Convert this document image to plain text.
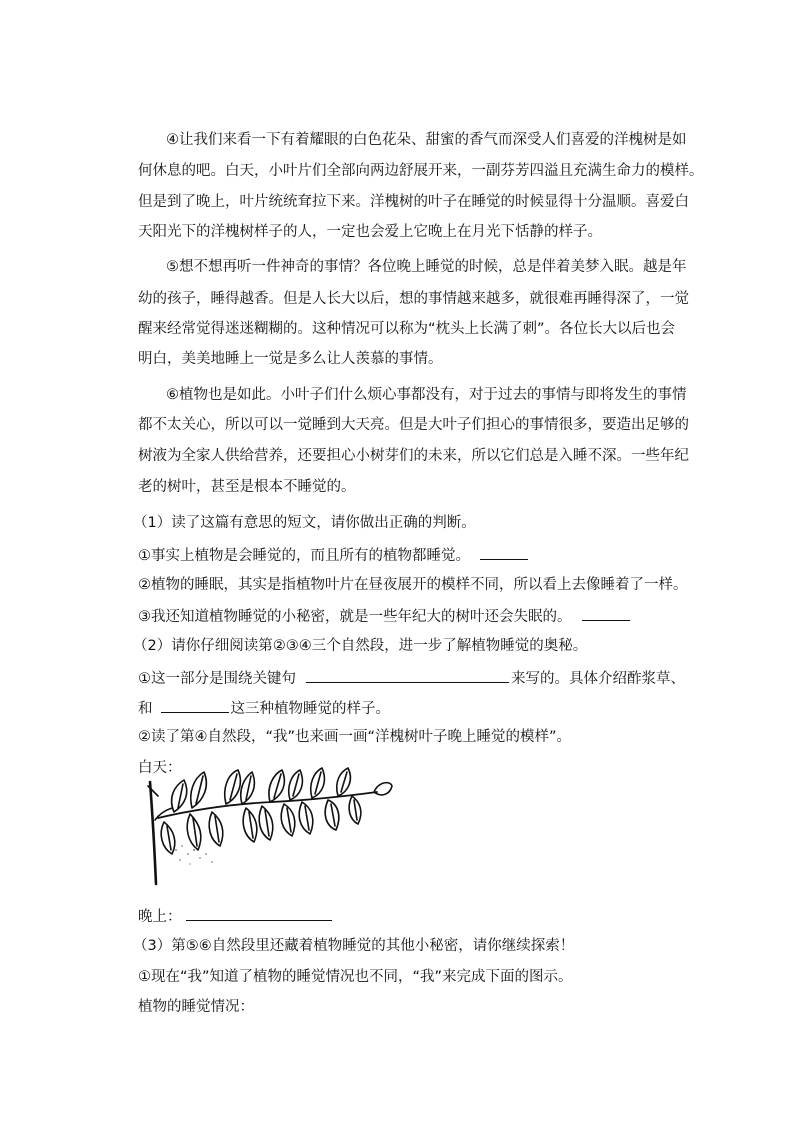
④让我们来看一下有着耀眼的白色花朵、甜蜜的香气而深受人们喜爱的洋槐树是如
何休息的吧。白天，小叶片们全部向两边舒展开来，一副芬芳四溢且充满生命力的模样。
但是到了晚上，叶片统统耷拉下来。洋槐树的叶子在睡觉的时候显得十分温顺。喜爱白
天阳光下的洋槐树样子的人，一定也会爱上它晚上在月光下恬静的样子。
⑤想不想再听一件神奇的事情？各位晚上睡觉的时候，总是伴着美梦入眠。越是年
幼的孩子，睡得越香。但是人长大以后，想的事情越来越多，就很难再睡得深了，一觉
醒来经常觉得迷迷糊糊的。这种情况可以称为“枕头上长满了刺”。各位长大以后也会
明白，美美地睡上一觉是多么让人羡慕的事情。
⑥植物也是如此。小叶子们什么烦心事都没有，对于过去的事情与即将发生的事情
都不太关心，所以可以一觉睡到大天亮。但是大叶子们担心的事情很多，要造出足够的
树液为全家人供给营养，还要担心小树芽们的未来，所以它们总是入睡不深。一些年纪
老的树叶，甚至是根本不睡觉的。
（1）读了这篇有意思的短文，请你做出正确的判断。
①事实上植物是会睡觉的，而且所有的植物都睡觉。
②植物的睡眠，其实是指植物叶片在昼夜展开的模样不同，所以看上去像睡着了一样。
③我还知道植物睡觉的小秘密，就是一些年纪大的树叶还会失眠的。
（2）请你仔细阅读第②③④三个自然段，进一步了解植物睡觉的奥秘。
①这一部分是围绕关键句	来写的。具体介绍酢浆草、
和	这三种植物睡觉的样子。
②读了第④自然段，“我”也来画一画“洋槐树叶子晚上睡觉的模样”。
白天：
晚上：
（3）第⑤⑥自然段里还藏着植物睡觉的其他小秘密，请你继续探索！
①现在“我”知道了植物的睡觉情况也不同，“我”来完成下面的图示。
植物的睡觉情况：
